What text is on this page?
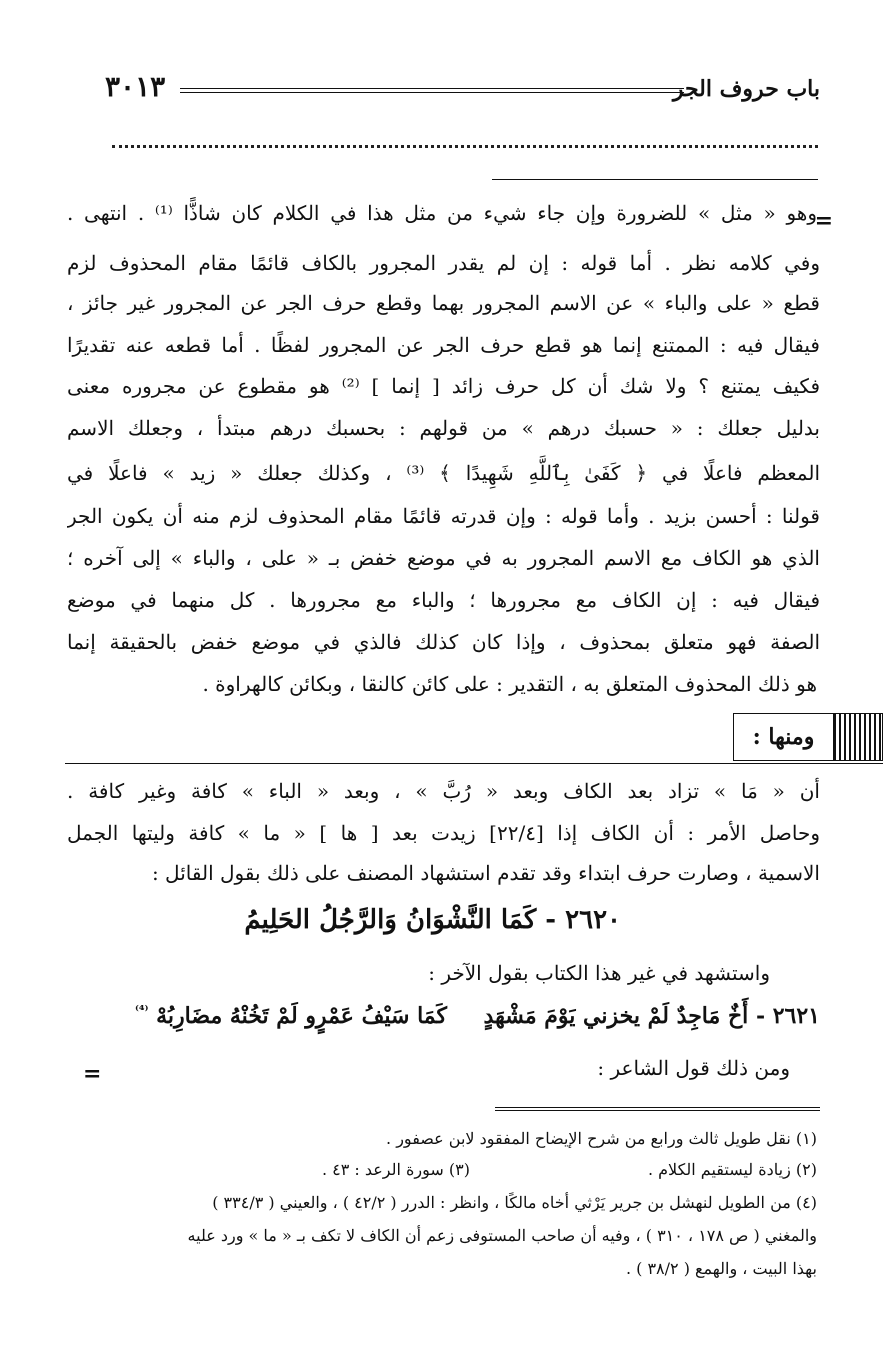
باب حروف الجر
٣٠١٣
=
وهو « مثل » للضرورة وإن جاء شيء من مثل هذا في الكلام كان شاذًّا ⁽¹⁾ . انتهى .
وفي كلامه نظر . أما قوله : إن لم يقدر المجرور بالكاف قائمًا مقام المحذوف لزم
قطع « على والباء » عن الاسم المجرور بهما وقطع حرف الجر عن المجرور غير جائز ،
فيقال فيه : الممتنع إنما هو قطع حرف الجر عن المجرور لفظًا . أما قطعه عنه تقديرًا
فكيف يمتنع ؟ ولا شك أن كل حرف زائد [ إنما ] ⁽²⁾ هو مقطوع عن مجروره معنى
بدليل جعلك : « حسبك درهم » من قولهم : بحسبك درهم مبتدأ ، وجعلك الاسم
المعظم فاعلًا في ﴿ كَفَىٰ بِٱللَّهِ شَهِيدًا ﴾ ⁽³⁾ ، وكذلك جعلك « زيد » فاعلًا في
قولنا : أحسن بزيد . وأما قوله : وإن قدرته قائمًا مقام المحذوف لزم منه أن يكون الجر
الذي هو الكاف مع الاسم المجرور به في موضع خفض بـ « على ، والباء » إلى آخره ؛
فيقال فيه : إن الكاف مع مجرورها ؛ والباء مع مجرورها . كل منهما في موضع
الصفة فهو متعلق بمحذوف ، وإذا كان كذلك فالذي في موضع خفض بالحقيقة إنما
هو ذلك المحذوف المتعلق به ، التقدير : على كائن كالنقا ، وبكائن كالهراوة .
ومنها :
أن « مَا » تزاد بعد الكاف وبعد « رُبَّ » ، وبعد « الباء » كافة وغير كافة .
وحاصل الأمر : أن الكاف إذا [٢٢/٤] زيدت بعد [ ها ] « ما » كافة وليتها الجمل
الاسمية ، وصارت حرف ابتداء وقد تقدم استشهاد المصنف على ذلك بقول القائل :
٢٦٢٠ - كَمَا النَّشْوَانُ وَالرَّجُلُ الحَلِيمُ
واستشهد في غير هذا الكتاب بقول الآخر :
٢٦٢١ - أَخٌ مَاجِدٌ لَمْ يخزني يَوْمَ مَشْهَدٍ
كَمَا سَيْفُ عَمْرٍو لَمْ تَخُنْهُ مضَارِبُهْ $^{^{(4)}}$
ومن ذلك قول الشاعر :
=
(١) نقل طويل ثالث ورابع من شرح الإيضاح المفقود لابن عصفور .
(٢) زيادة ليستقيم الكلام .
(٣) سورة الرعد : ٤٣ .
(٤) من الطويل لنهشل بن جرير يَرْثي أخاه مالكًا ، وانظر : الدرر ( ٤٢/٢ ) ، والعيني ( ٣٣٤/٣ )
والمغني ( ص ١٧٨ ، ٣١٠ ) ، وفيه أن صاحب المستوفى زعم أن الكاف لا تكف بـ « ما » ورد عليه
بهذا البيت ، والهمع ( ٣٨/٢ ) .
